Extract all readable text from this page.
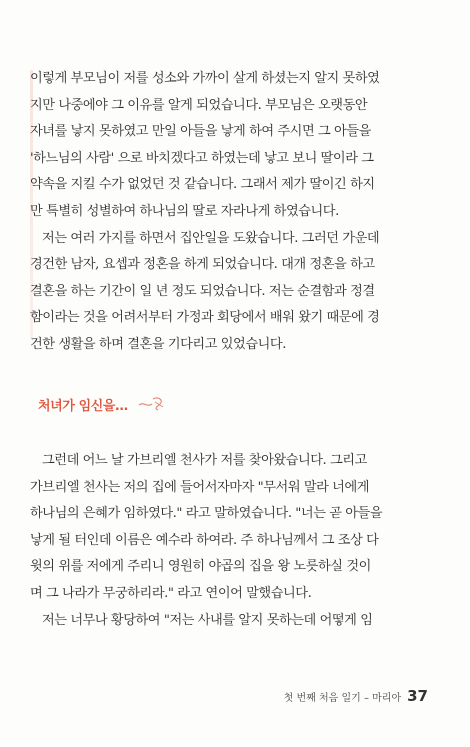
이렇게 부모님이 저를 성소와 가까이 살게 하셨는지 알지 못하였
지만 나중에야 그 이유를 알게 되었습니다. 부모님은 오랫동안
자녀를 낳지 못하였고 만일 아들을 낳게 하여 주시면 그 아들을
'하느님의 사람' 으로 바치겠다고 하였는데 낳고 보니 딸이라 그
약속을 지킬 수가 없었던 것 같습니다. 그래서 제가 딸이긴 하지
만 특별히 성별하여 하나님의 딸로 자라나게 하였습니다.
저는 여러 가지를 하면서 집안일을 도왔습니다. 그러던 가운데
경건한 남자, 요셉과 정혼을 하게 되었습니다. 대개 정혼을 하고
결혼을 하는 기간이 일 년 정도 되었습니다. 저는 순결함과 정결
함이라는 것을 어려서부터 가정과 회당에서 배워 왔기 때문에 경
건한 생활을 하며 결혼을 기다리고 있었습니다.
처녀가 임신을…
그런데 어느 날 가브리엘 천사가 저를 찾아왔습니다. 그리고
가브리엘 천사는 저의 집에 들어서자마자 "무서워 말라 너에게
하나님의 은혜가 임하였다." 라고 말하였습니다. "너는 곧 아들을
낳게 될 터인데 이름은 예수라 하여라. 주 하나님께서 그 조상 다
윗의 위를 저에게 주리니 영원히 야곱의 집을 왕 노릇하실 것이
며 그 나라가 무궁하리라." 라고 연이어 말했습니다.
저는 너무나 황당하여 "저는 사내를 알지 못하는데 어떻게 임
첫 번째 처음 일기 – 마리아 37
